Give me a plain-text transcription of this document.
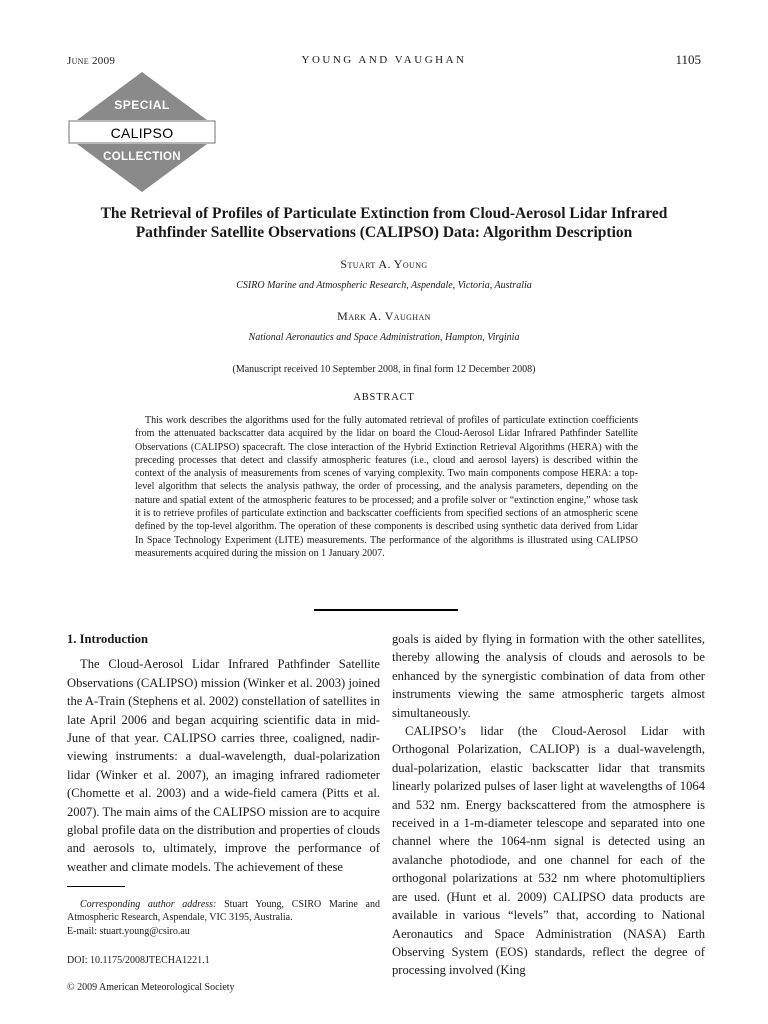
June 2009	YOUNG AND VAUGHAN	1105
SPECIAL
CALIPSO
COLLECTION
The Retrieval of Profiles of Particulate Extinction from Cloud-Aerosol Lidar Infrared Pathfinder Satellite Observations (CALIPSO) Data: Algorithm Description
Stuart A. Young
CSIRO Marine and Atmospheric Research, Aspendale, Victoria, Australia
Mark A. Vaughan
National Aeronautics and Space Administration, Hampton, Virginia
(Manuscript received 10 September 2008, in final form 12 December 2008)
ABSTRACT

This work describes the algorithms used for the fully automated retrieval of profiles of particulate extinction coefficients from the attenuated backscatter data acquired by the lidar on board the Cloud-Aerosol Lidar Infrared Pathfinder Satellite Observations (CALIPSO) spacecraft. The close interaction of the Hybrid Extinction Retrieval Algorithms (HERA) with the preceding processes that detect and classify atmospheric features (i.e., cloud and aerosol layers) is described within the context of the analysis of measurements from scenes of varying complexity. Two main components compose HERA: a top-level algorithm that selects the analysis pathway, the order of processing, and the analysis parameters, depending on the nature and spatial extent of the atmospheric features to be processed; and a profile solver or “extinction engine,” whose task it is to retrieve profiles of particulate extinction and backscatter coefficients from specified sections of an atmospheric scene defined by the top-level algorithm. The operation of these components is described using synthetic data derived from Lidar In Space Technology Experiment (LITE) measurements. The performance of the algorithms is illustrated using CALIPSO measurements acquired during the mission on 1 January 2007.

1. Introduction

The Cloud-Aerosol Lidar Infrared Pathfinder Satellite Observations (CALIPSO) mission (Winker et al. 2003) joined the A-Train (Stephens et al. 2002) constellation of satellites in late April 2006 and began acquiring scientific data in mid-June of that year. CALIPSO carries three, coaligned, nadir-viewing instruments: a dual-wavelength, dual-polarization lidar (Winker et al. 2007), an imaging infrared radiometer (Chomette et al. 2003) and a wide-field camera (Pitts et al. 2007). The main aims of the CALIPSO mission are to acquire global profile data on the distribution and properties of clouds and aerosols to, ultimately, improve the performance of weather and climate models. The achievement of these

goals is aided by flying in formation with the other satellites, thereby allowing the analysis of clouds and aerosols to be enhanced by the synergistic combination of data from other instruments viewing the same atmospheric targets almost simultaneously.

CALIPSO’s lidar (the Cloud-Aerosol Lidar with Orthogonal Polarization, CALIOP) is a dual-wavelength, dual-polarization, elastic backscatter lidar that transmits linearly polarized pulses of laser light at wavelengths of 1064 and 532 nm. Energy backscattered from the atmosphere is received in a 1-m-diameter telescope and separated into one channel where the 1064-nm signal is detected using an avalanche photodiode, and one channel for each of the orthogonal polarizations at 532 nm where photomultipliers are used. (Hunt et al. 2009) CALIPSO data products are available in various “levels” that, according to National Aeronautics and Space Administration (NASA) Earth Observing System (EOS) standards, reflect the degree of processing involved (King

Corresponding author address: Stuart Young, CSIRO Marine and Atmospheric Research, Aspendale, VIC 3195, Australia.

E-mail: stuart.young@csiro.au
DOI: 10.1175/2008JTECHA1221.1
© 2009 American Meteorological Society
